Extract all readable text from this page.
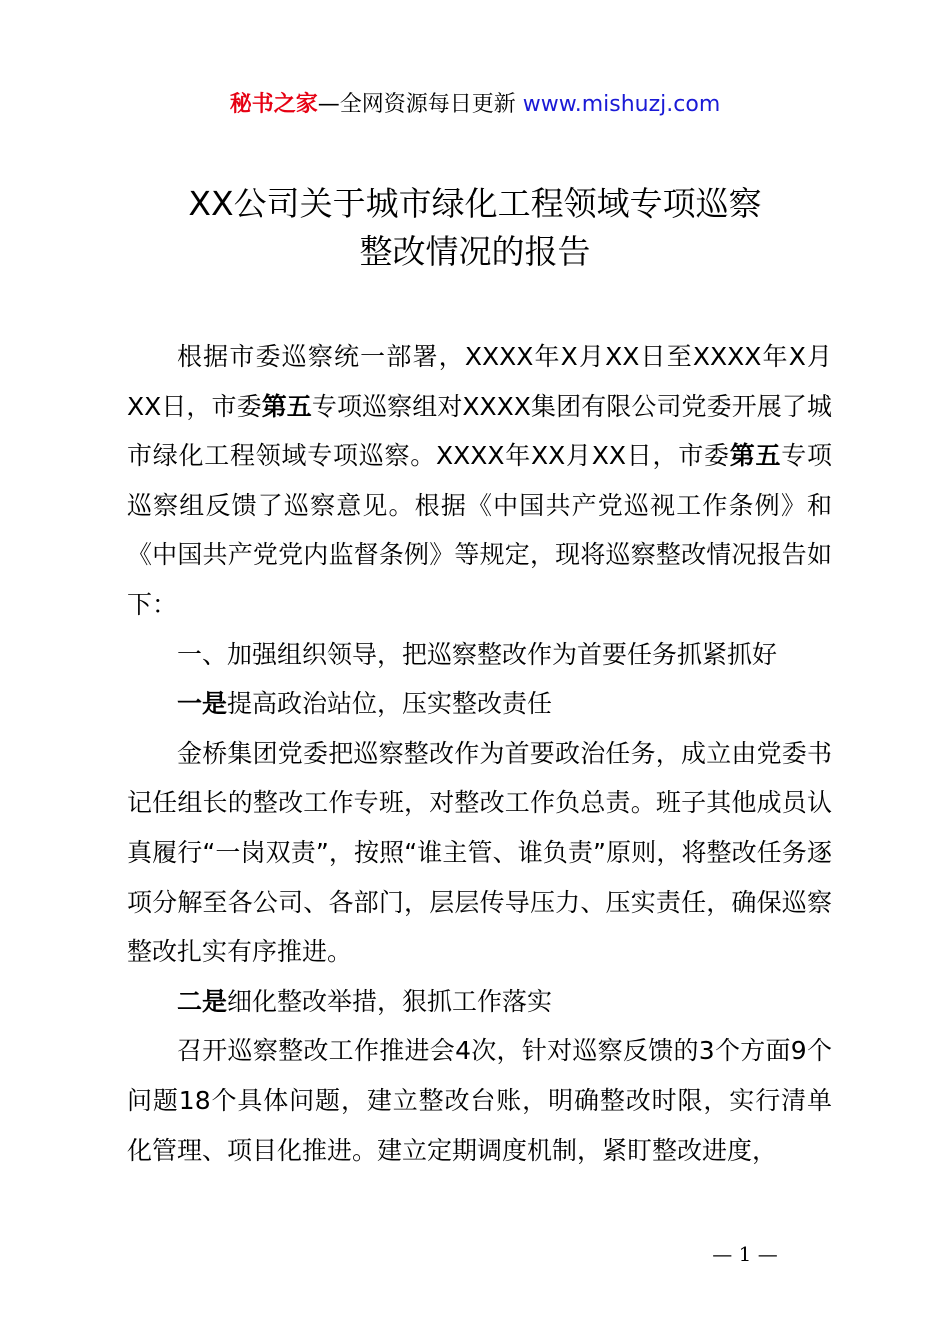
秘书之家—全网资源每日更新 www.mishuzj.com
XX公司关于城市绿化工程领域专项巡察
整改情况的报告

根据市委巡察统一部署，XXXX年X月XX日至XXXX年X月XX日，市委第五专项巡察组对XXXX集团有限公司党委开展了城市绿化工程领域专项巡察。XXXX年XX月XX日，市委第五专项巡察组反馈了巡察意见。根据《中国共产党巡视工作条例》和《中国共产党党内监督条例》等规定，现将巡察整改情况报告如下：

一、加强组织领导，把巡察整改作为首要任务抓紧抓好

一是提高政治站位，压实整改责任

金桥集团党委把巡察整改作为首要政治任务，成立由党委书记任组长的整改工作专班，对整改工作负总责。班子其他成员认真履行“一岗双责”，按照“谁主管、谁负责”原则，将整改任务逐项分解至各公司、各部门，层层传导压力、压实责任，确保巡察整改扎实有序推进。

二是细化整改举措，狠抓工作落实

召开巡察整改工作推进会4次，针对巡察反馈的3个方面9个问题18个具体问题，建立整改台账，明确整改时限，实行清单化管理、项目化推进。建立定期调度机制，紧盯整改进度，

— 1 —
